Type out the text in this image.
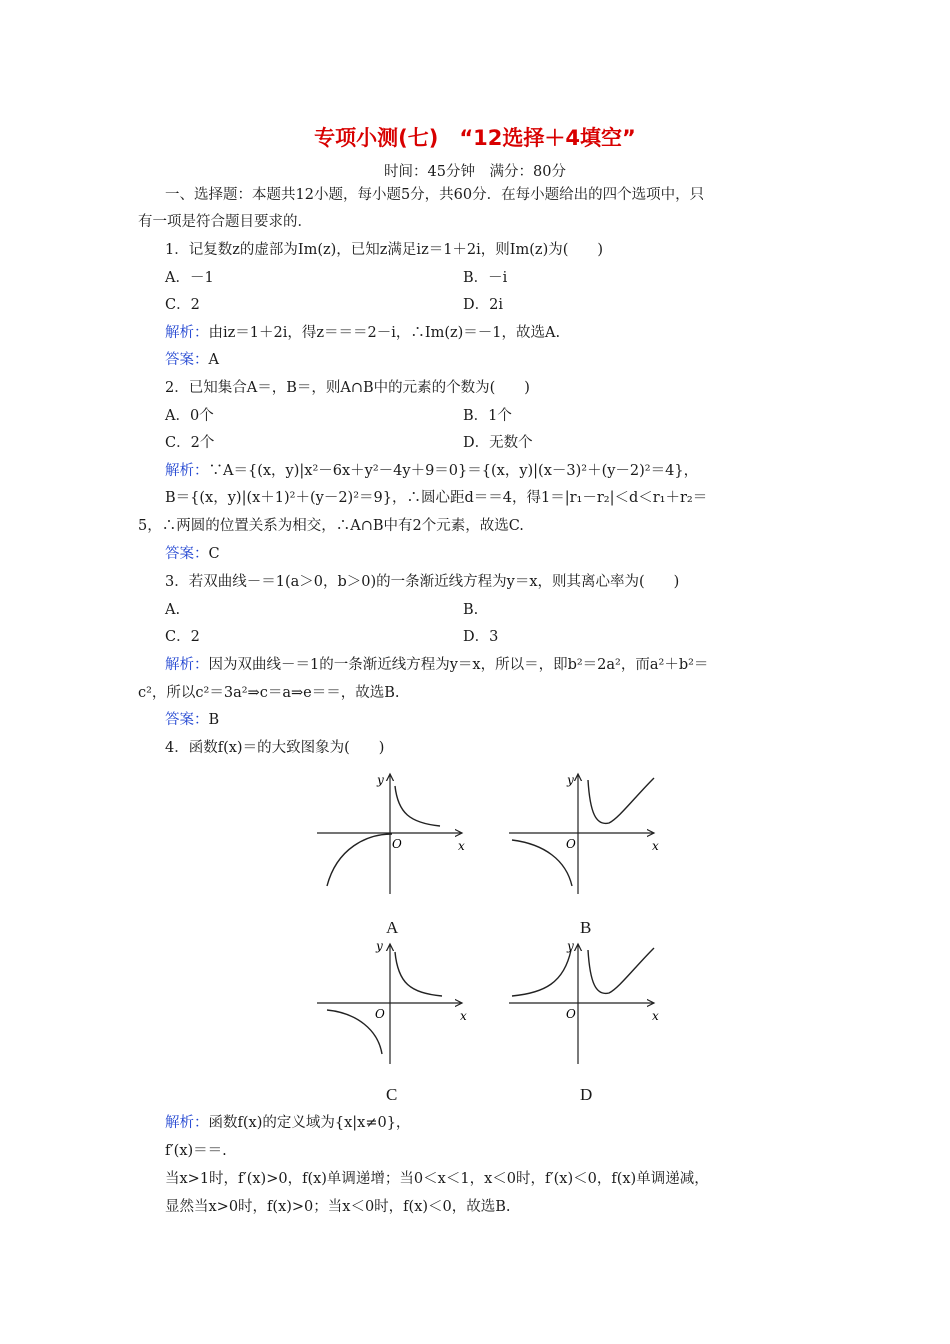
专项小测(七)　“12选择＋4填空”
时间：45分钟　满分：80分
一、选择题：本题共12小题，每小题5分，共60分．在每小题给出的四个选项中，只
有一项是符合题目要求的．
1．记复数z的虚部为Im(z)，已知z满足iz＝1＋2i，则Im(z)为(　　)
A．－1	B．－i
C．2	D．2i
解析：由iz＝1＋2i，得z＝＝＝2－i，∴Im(z)＝－1，故选A.
答案：A
2．已知集合A＝，B＝，则A∩B中的元素的个数为(　　)
A．0个	B．1个
C．2个	D．无数个
解析：∵A＝{(x，y)|x²－6x＋y²－4y＋9＝0}＝{(x，y)|(x－3)²＋(y－2)²＝4}，
B＝{(x，y)|(x＋1)²＋(y－2)²＝9}，∴圆心距d＝＝4，得1＝|r₁－r₂|＜d＜r₁＋r₂＝
5，∴两圆的位置关系为相交，∴A∩B中有2个元素，故选C.
答案：C
3．若双曲线－＝1(a＞0，b＞0)的一条渐近线方程为y＝x，则其离心率为(　　)
A.	B.
C．2	D．3
解析：因为双曲线－＝1的一条渐近线方程为y＝x，所以＝，即b²＝2a²，而a²＋b²＝
c²，所以c²＝3a²⇒c＝a⇒e＝＝，故选B.
答案：B
4．函数f(x)＝的大致图象为(　　)
y
x
O
A
y
x
O
B
y
x
O
C
y
x
O
D
解析：函数f(x)的定义域为{x|x≠0}，
f′(x)＝＝.
当x>1时，f′(x)>0，f(x)单调递增；当0＜x＜1，x＜0时，f′(x)＜0，f(x)单调递减，
显然当x>0时，f(x)>0；当x＜0时，f(x)＜0，故选B.
